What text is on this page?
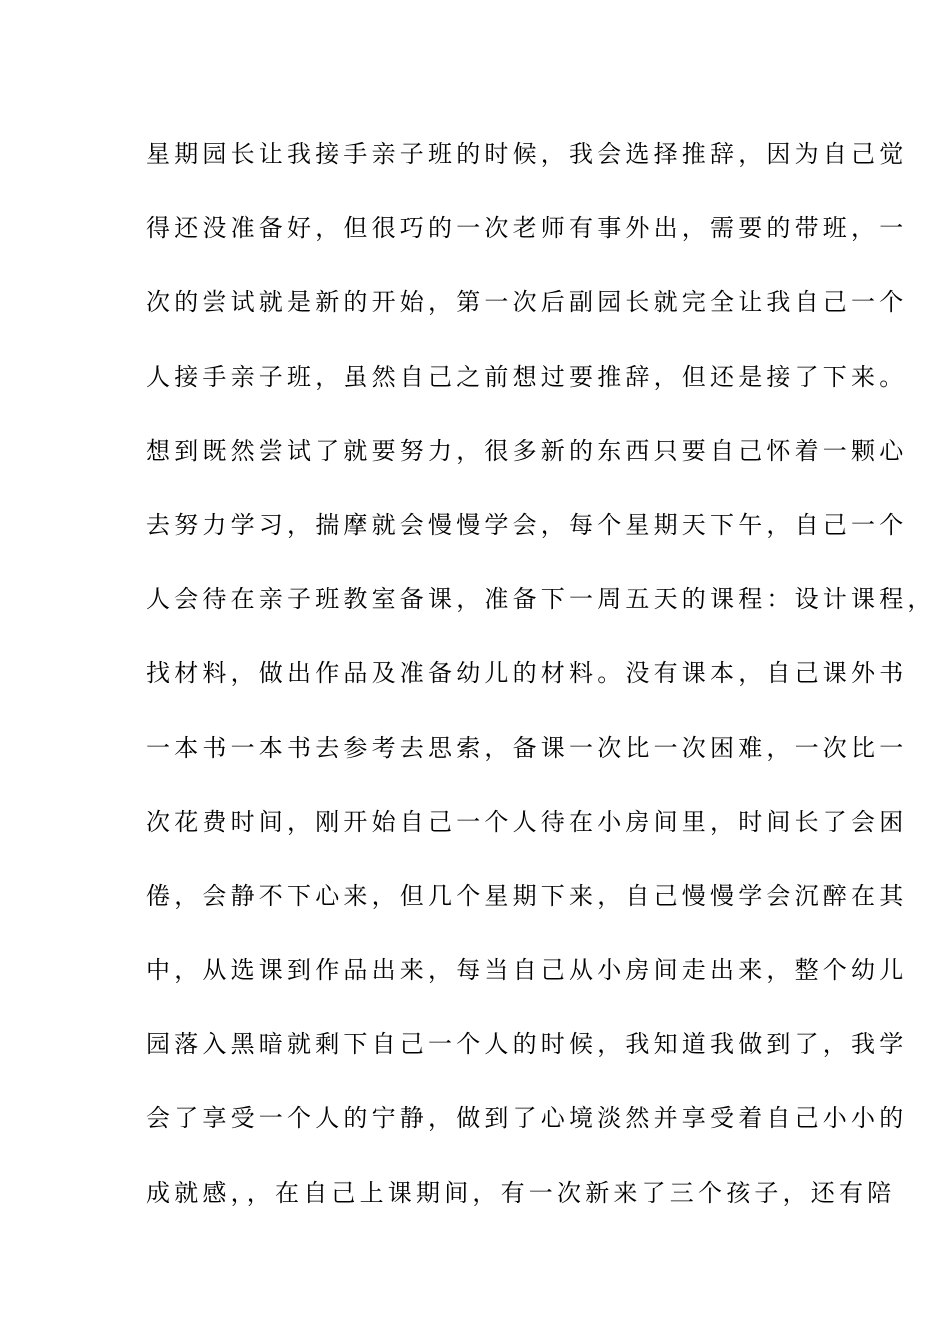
星期园长让我接手亲子班的时候，我会选择推辞，因为自己觉
得还没准备好，但很巧的一次老师有事外出，需要的带班，一
次的尝试就是新的开始，第一次后副园长就完全让我自己一个
人接手亲子班，虽然自己之前想过要推辞，但还是接了下来。
想到既然尝试了就要努力，很多新的东西只要自己怀着一颗心
去努力学习，揣摩就会慢慢学会，每个星期天下午，自己一个
人会待在亲子班教室备课，准备下一周五天的课程：设计课程，
找材料，做出作品及准备幼儿的材料。没有课本，自己课外书
一本书一本书去参考去思索，备课一次比一次困难，一次比一
次花费时间，刚开始自己一个人待在小房间里，时间长了会困
倦，会静不下心来，但几个星期下来，自己慢慢学会沉醉在其
中，从选课到作品出来，每当自己从小房间走出来，整个幼儿
园落入黑暗就剩下自己一个人的时候，我知道我做到了，我学
会了享受一个人的宁静，做到了心境淡然并享受着自己小小的
成就感，，在自己上课期间，有一次新来了三个孩子，还有陪
